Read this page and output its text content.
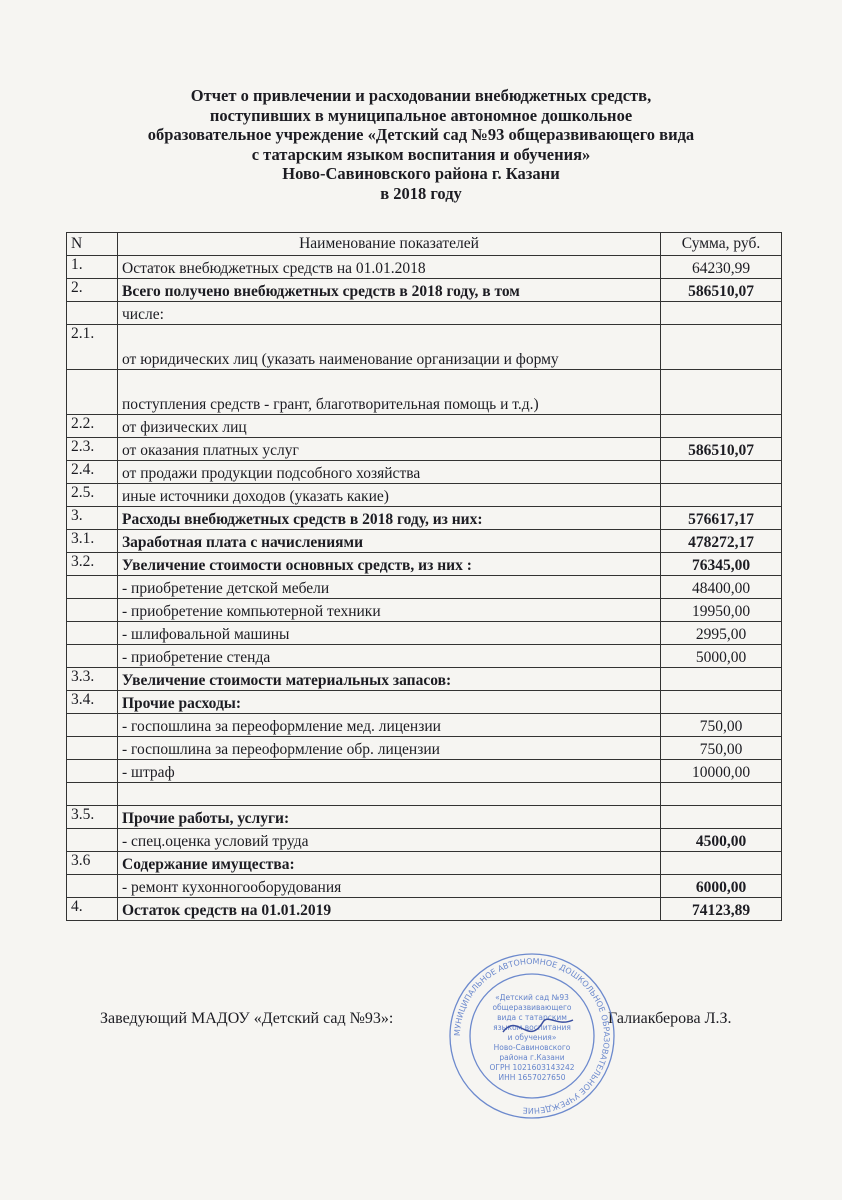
Отчет о привлечении и расходовании внебюджетных средств,
поступивших в муниципальное автономное дошкольное
образовательное учреждение «Детский сад №93 общеразвивающего вида
с татарским языком воспитания и обучения»
Ново-Савиновского района г. Казани
в 2018 году
N	Наименование показателей	Сумма, руб.
1.	Остаток внебюджетных средств на 01.01.2018	64230,99
2.	Всего получено внебюджетных средств в 2018 году, в том	586510,07
	числе:	
2.1.	от юридических лиц (указать наименование организации и форму	
	поступления средств - грант, благотворительная помощь и т.д.)	
2.2.	от физических лиц	
2.3.	от оказания платных услуг	586510,07
2.4.	от продажи продукции подсобного хозяйства	
2.5.	иные источники доходов (указать какие)	
3.	Расходы внебюджетных средств в 2018 году, из них:	576617,17
3.1.	Заработная плата с начислениями	478272,17
3.2.	Увеличение стоимости основных средств, из них :	76345,00
	- приобретение детской мебели	48400,00
	- приобретение компьютерной техники	19950,00
	- шлифовальной машины	2995,00
	- приобретение стенда	5000,00
3.3.	Увеличение стоимости материальных запасов:	
3.4.	Прочие расходы:	
	- госпошлина за переоформление мед. лицензии	750,00
	- госпошлина за переоформление обр. лицензии	750,00
	- штраф	10000,00

3.5.	Прочие работы, услуги:	
	- спец.оценка условий труда	4500,00
3.6	Содержание имущества:	
	- ремонт кухонногооборудования	6000,00
4.	Остаток средств на 01.01.2019	74123,89
Заведующий МАДОУ «Детский сад №93»:	Галиакберова Л.З.
МУНИЦИПАЛЬНОЕ АВТОНОМНОЕ ДОШКОЛЬНОЕ ОБРАЗОВАТЕЛЬНОЕ УЧРЕЖДЕНИЕ
«Детский сад №93
общеразвивающего
вида с татарским
языком воспитания
и обучения»
Ново-Савиновского
района г.Казани
ОГРН 1021603143242
ИНН 1657027650
